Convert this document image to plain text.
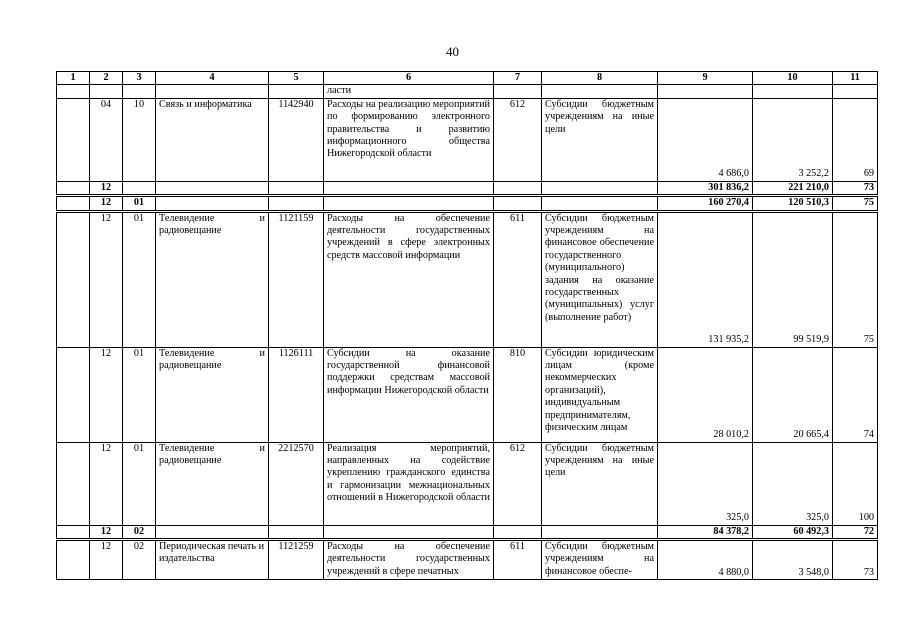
40
1	2	3	4	5	6	7	8	9	10	11
					ласти					
	04	10	Связь и информатика	1142940	Расходы на реализацию мероприятий по формированию электронного правительства и развитию информационного общества Нижегородской области	612	Субсидии бюджетным учреждениям на иные цели	4 686,0	3 252,2	69
	12							301 836,2	221 210,0	73
	12	01						160 270,4	120 510,3	75
	12	01	Телевидение и радиовещание	1121159	Расходы на обеспечение деятельности государственных учреждений в сфере электронных средств массовой информации	611	Субсидии бюджетным учреждениям на финансовое обеспечение государственного (муниципального) задания на оказание государственных (муниципальных) услуг (выполнение работ)	131 935,2	99 519,9	75
	12	01	Телевидение и радиовещание	1126111	Субсидии на оказание государственной финансовой поддержки средствам массовой информации Нижегородской области	810	Субсидии юридическим лицам (кроме некоммерческих организаций), индивидуальным предпринимателям, физическим лицам	28 010,2	20 665,4	74
	12	01	Телевидение и радиовещание	2212570	Реализация мероприятий, направленных на содействие укреплению гражданского единства и гармонизации межнациональных отношений в Нижегородской области	612	Субсидии бюджетным учреждениям на иные цели	325,0	325,0	100
	12	02						84 378,2	60 492,3	72
	12	02	Периодическая печать и издательства	1121259	Расходы на обеспечение деятельности государственных учреждений в сфере печатных	611	Субсидии бюджетным учреждениям на финансовое обеспе-	4 880,0	3 548,0	73
